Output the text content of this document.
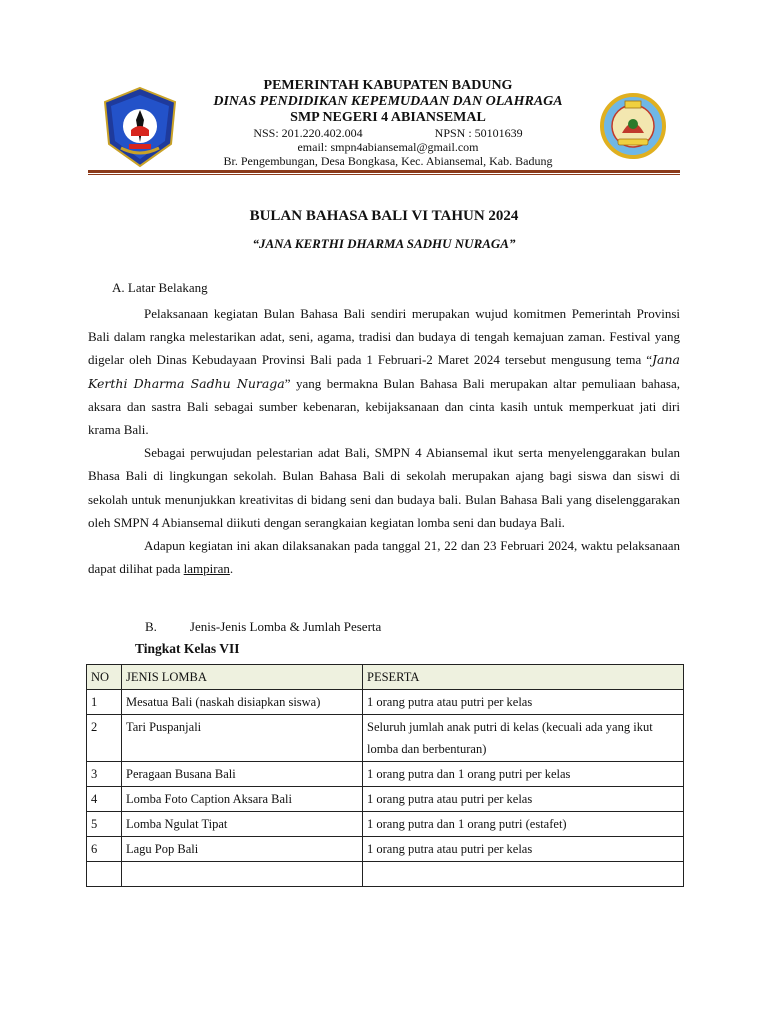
PEMERINTAH KABUPATEN BADUNG
DINAS PENDIDIKAN KEPEMUDAAN DAN OLAHRAGA
SMP NEGERI 4 ABIANSEMAL
NSS: 201.220.402.004	NPSN : 50101639
email: smpn4abiansemal@gmail.com
Br. Pengembungan, Desa Bongkasa, Kec. Abiansemal, Kab. Badung
BULAN BAHASA BALI VI TAHUN 2024
“JANA KERTHI DHARMA SADHU NURAGA”
A. Latar Belakang

Pelaksanaan kegiatan Bulan Bahasa Bali sendiri merupakan wujud komitmen Pemerintah Provinsi Bali dalam rangka melestarikan adat, seni, agama, tradisi dan budaya di tengah kemajuan zaman. Festival yang digelar oleh Dinas Kebudayaan Provinsi Bali pada 1 Februari-2 Maret 2024 tersebut mengusung tema “Jana Kerthi Dharma Sadhu Nuraga” yang bermakna Bulan Bahasa Bali merupakan altar pemuliaan bahasa, aksara dan sastra Bali sebagai sumber kebenaran, kebijaksanaan dan cinta kasih untuk memperkuat jati diri krama Bali.

Sebagai perwujudan pelestarian adat Bali, SMPN 4 Abiansemal ikut serta menyelenggarakan bulan Bhasa Bali di lingkungan sekolah. Bulan Bahasa Bali di sekolah merupakan ajang bagi siswa dan siswi di sekolah untuk menunjukkan kreativitas di bidang seni dan budaya bali. Bulan Bahasa Bali yang diselenggarakan oleh SMPN 4 Abiansemal diikuti dengan serangkaian kegiatan lomba seni dan budaya Bali.

Adapun kegiatan ini akan dilaksanakan pada tanggal 21, 22 dan 23 Februari 2024, waktu pelaksanaan dapat dilihat pada lampiran.

B.	Jenis-Jenis Lomba & Jumlah Peserta
Tingkat Kelas VII
NO	JENIS LOMBA	PESERTA
1	Mesatua Bali (naskah disiapkan siswa)	1 orang putra atau putri per kelas
2	Tari Puspanjali	Seluruh jumlah anak putri di kelas (kecuali ada yang ikut lomba dan berbenturan)
3	Peragaan Busana Bali	1 orang putra dan 1 orang putri per kelas
4	Lomba Foto Caption Aksara Bali	1 orang putra atau putri per kelas
5	Lomba Ngulat Tipat	1 orang putra dan 1 orang putri (estafet)
6	Lagu Pop Bali	1 orang putra atau putri per kelas
